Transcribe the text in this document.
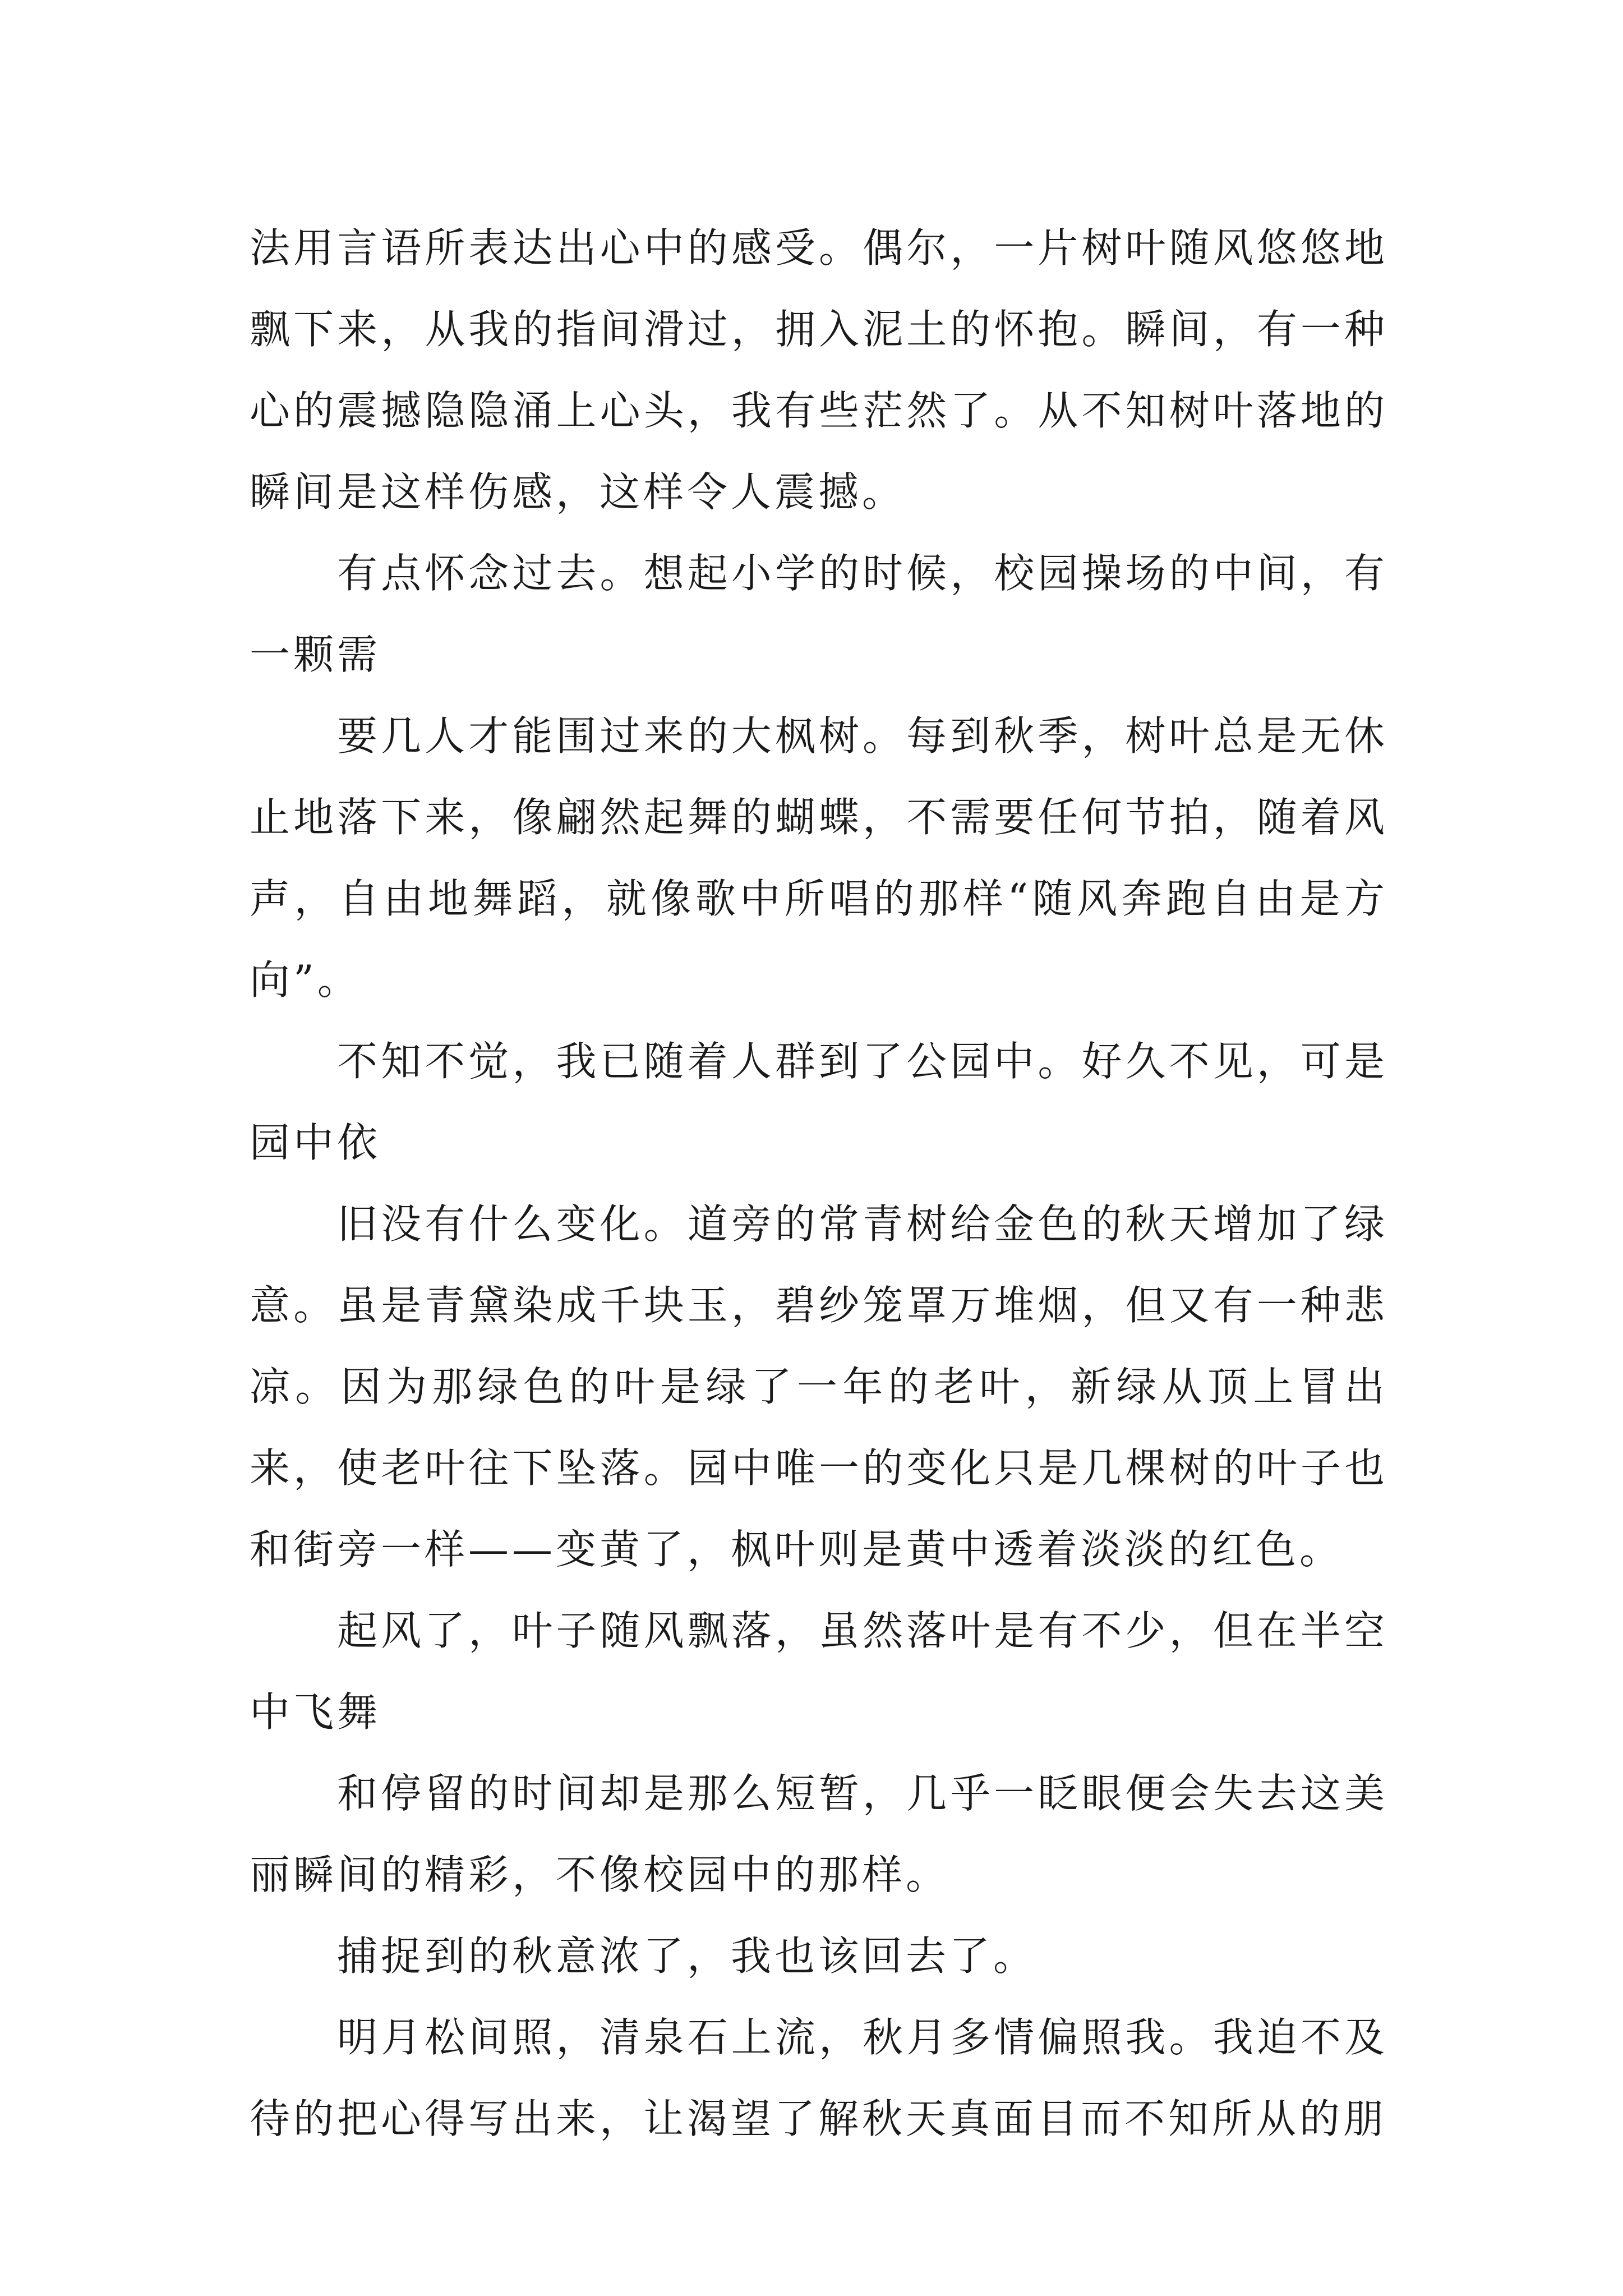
法用言语所表达出心中的感受。偶尔，一片树叶随风悠悠地飘下来，从我的指间滑过，拥入泥土的怀抱。瞬间，有一种心的震撼隐隐涌上心头，我有些茫然了。从不知树叶落地的瞬间是这样伤感，这样令人震撼。

有点怀念过去。想起小学的时候，校园操场的中间，有一颗需

要几人才能围过来的大枫树。每到秋季，树叶总是无休止地落下来，像翩然起舞的蝴蝶，不需要任何节拍，随着风声，自由地舞蹈，就像歌中所唱的那样“随风奔跑自由是方向”。

不知不觉，我已随着人群到了公园中。好久不见，可是园中依

旧没有什么变化。道旁的常青树给金色的秋天增加了绿意。虽是青黛染成千块玉，碧纱笼罩万堆烟，但又有一种悲凉。因为那绿色的叶是绿了一年的老叶，新绿从顶上冒出来，使老叶往下坠落。园中唯一的变化只是几棵树的叶子也和街旁一样——变黄了，枫叶则是黄中透着淡淡的红色。

起风了，叶子随风飘落，虽然落叶是有不少，但在半空中飞舞

和停留的时间却是那么短暂，几乎一眨眼便会失去这美丽瞬间的精彩，不像校园中的那样。

捕捉到的秋意浓了，我也该回去了。

明月松间照，清泉石上流，秋月多情偏照我。我迫不及待的把心得写出来，让渴望了解秋天真面目而不知所从的朋
